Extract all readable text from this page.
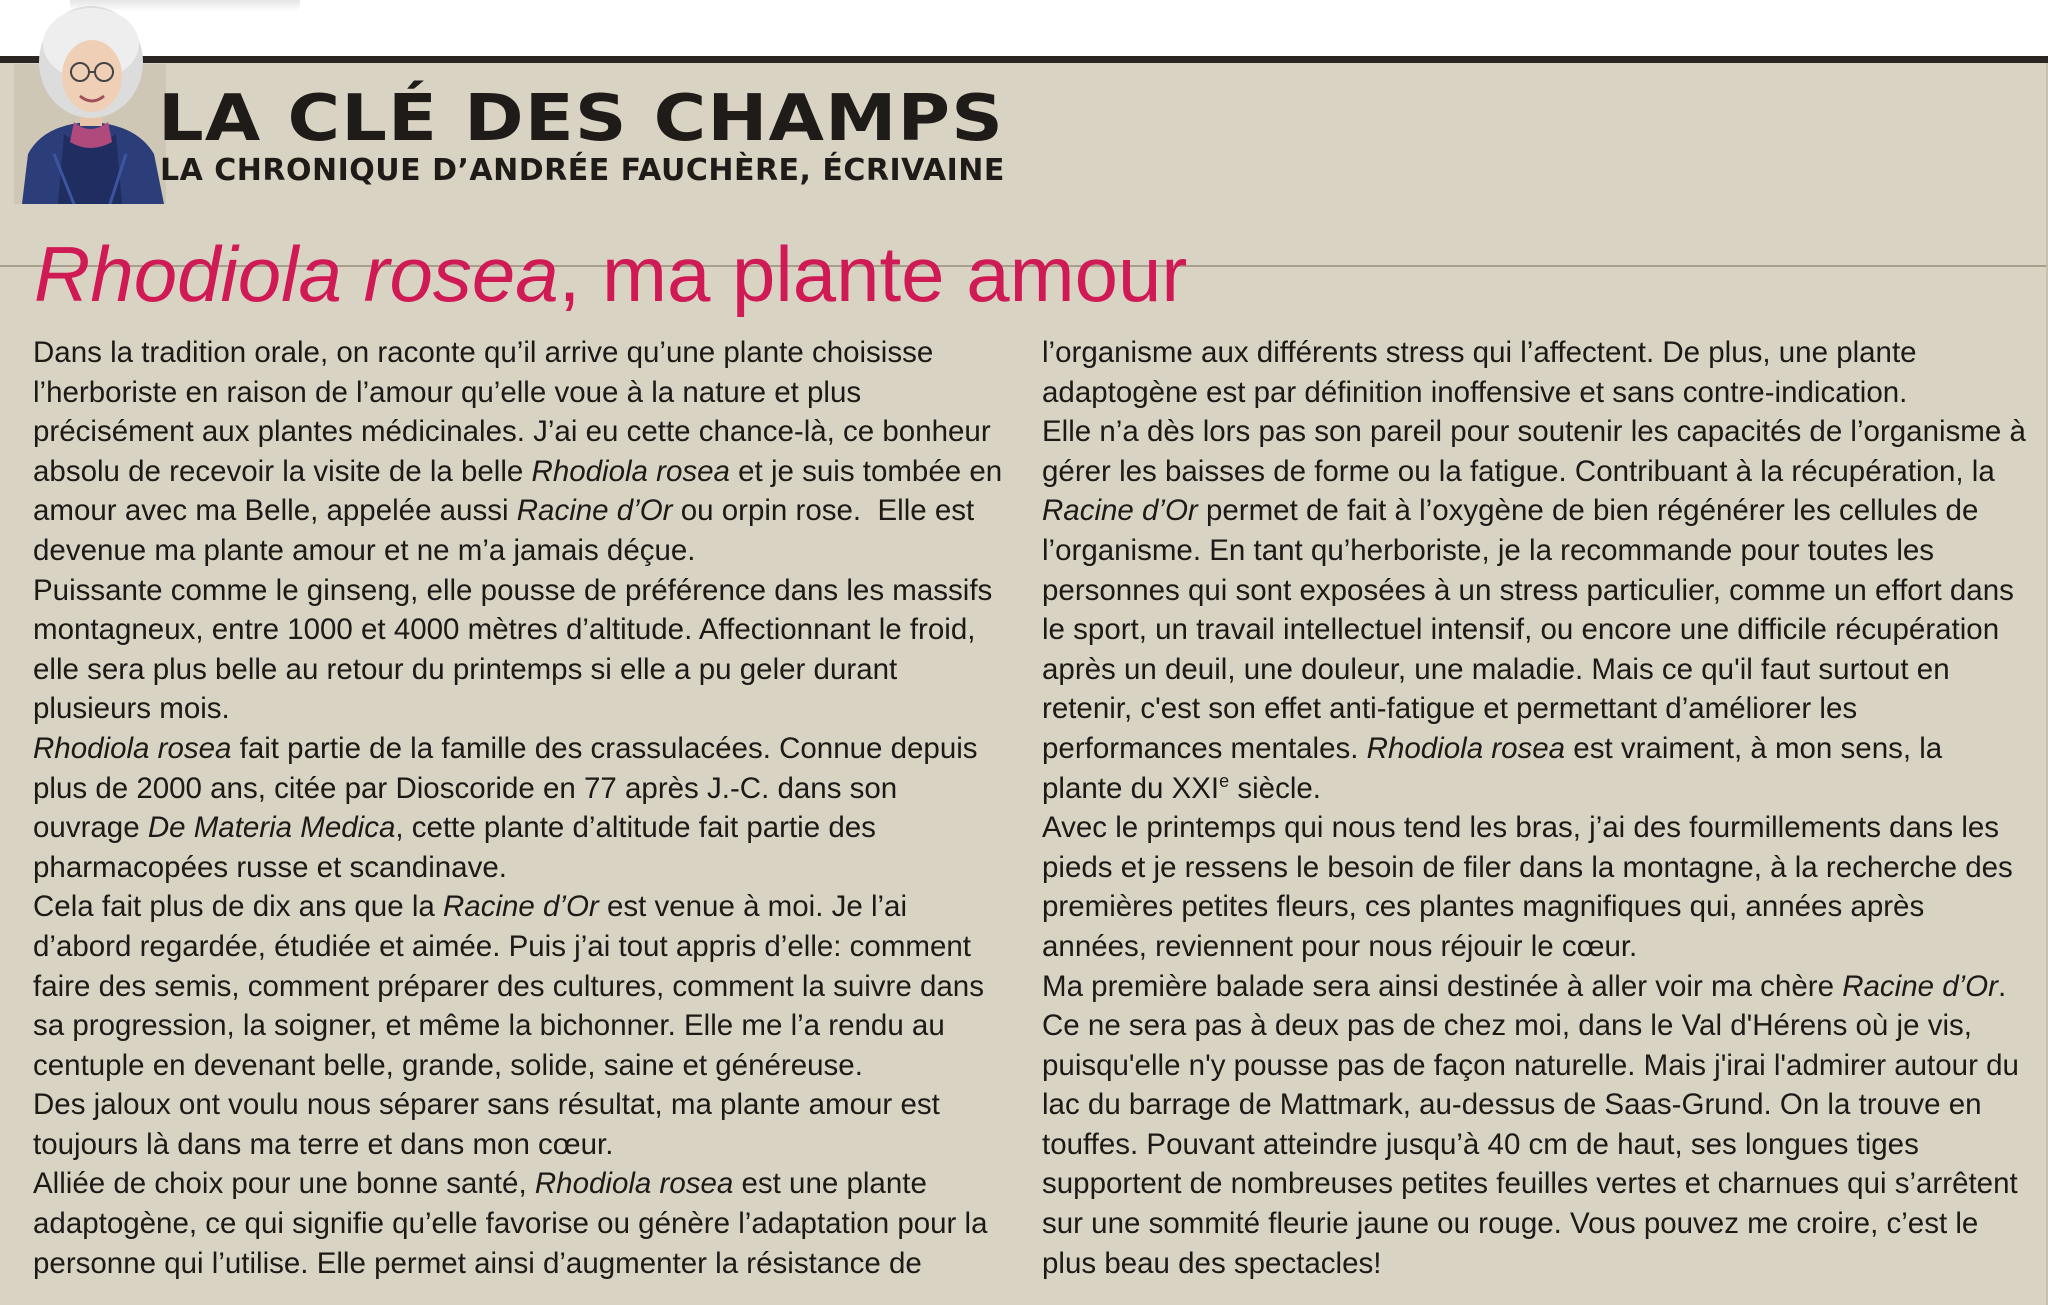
LA CLÉ DES CHAMPS
LA CHRONIQUE D’ANDRÉE FAUCHÈRE, ÉCRIVAINE
Rhodiola rosea, ma plante amour

Dans la tradition orale, on raconte qu’il arrive qu’une plante choisisse l’herboriste en raison de l’amour qu’elle voue à la nature et plus précisément aux plantes médicinales. J’ai eu cette chance-là, ce bonheur absolu de recevoir la visite de la belle Rhodiola rosea et je suis tombée en amour avec ma Belle, appelée aussi Racine d’Or ou orpin rose.  Elle est devenue ma plante amour et ne m’a jamais déçue.

Puissante comme le ginseng, elle pousse de préférence dans les massifs montagneux, entre 1000 et 4000 mètres d’altitude. Affectionnant le froid, elle sera plus belle au retour du printemps si elle a pu geler durant plusieurs mois.

Rhodiola rosea fait partie de la famille des crassulacées. Connue depuis plus de 2000 ans, citée par Dioscoride en 77 après J.-C. dans son ouvrage De Materia Medica, cette plante d’altitude fait partie des pharmacopées russe et scandinave.

Cela fait plus de dix ans que la Racine d’Or est venue à moi. Je l’ai d’abord regardée, étudiée et aimée. Puis j’ai tout appris d’elle: comment faire des semis, comment préparer des cultures, comment la suivre dans sa progression, la soigner, et même la bichonner. Elle me l’a rendu au centuple en devenant belle, grande, solide, saine et généreuse.

Des jaloux ont voulu nous séparer sans résultat, ma plante amour est toujours là dans ma terre et dans mon cœur.

Alliée de choix pour une bonne santé, Rhodiola rosea est une plante adaptogène, ce qui signifie qu’elle favorise ou génère l’adaptation pour la personne qui l’utilise. Elle permet ainsi d’augmenter la résistance de

l’organisme aux différents stress qui l’affectent. De plus, une plante adaptogène est par définition inoffensive et sans contre-indication.

Elle n’a dès lors pas son pareil pour soutenir les capacités de l’organisme à gérer les baisses de forme ou la fatigue. Contribuant à la récupération, la Racine d’Or permet de fait à l’oxygène de bien régénérer les cellules de l’organisme. En tant qu’herboriste, je la recommande pour toutes les personnes qui sont exposées à un stress particulier, comme un effort dans le sport, un travail intellectuel intensif, ou encore une difficile récupération après un deuil, une douleur, une maladie. Mais ce qu'il faut surtout en retenir, c'est son effet anti-fatigue et permettant d’améliorer les performances mentales. Rhodiola rosea est vraiment, à mon sens, la plante du XXIe siècle.

Avec le printemps qui nous tend les bras, j’ai des fourmillements dans les pieds et je ressens le besoin de filer dans la montagne, à la recherche des premières petites fleurs, ces plantes magnifiques qui, années après années, reviennent pour nous réjouir le cœur.

Ma première balade sera ainsi destinée à aller voir ma chère Racine d’Or. Ce ne sera pas à deux pas de chez moi, dans le Val d'Hérens où je vis, puisqu'elle n'y pousse pas de façon naturelle. Mais j'irai l'admirer autour du lac du barrage de Mattmark, au-dessus de Saas-Grund. On la trouve en touffes. Pouvant atteindre jusqu’à 40 cm de haut, ses longues tiges supportent de nombreuses petites feuilles vertes et charnues qui s’arrêtent sur une sommité fleurie jaune ou rouge. Vous pouvez me croire, c’est le plus beau des spectacles!
